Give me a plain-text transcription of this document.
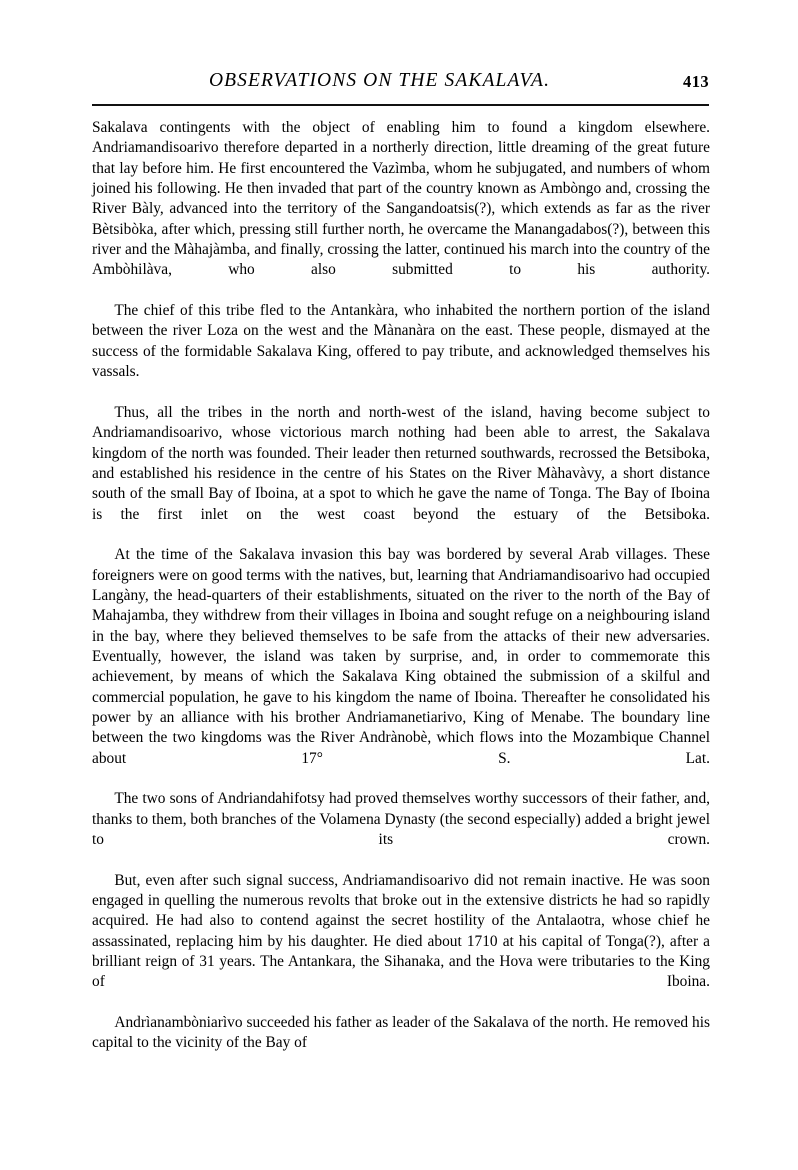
OBSERVATIONS ON THE SAKALAVA.	413

Sakalava contingents with the object of enabling him to found a kingdom elsewhere. Andriamandisoarivo therefore departed in a northerly direction, little dreaming of the great future that lay before him. He first encountered the Vazìmba, whom he subjugated, and numbers of whom joined his following. He then invaded that part of the country known as Ambòngo and, crossing the River Bàly, advanced into the territory of the Sangandoatsis(?), which extends as far as the river Bètsibòka, after which, pressing still further north, he overcame the Manangadabos(?), between this river and the Màhajàmba, and finally, crossing the latter, continued his march into the country of the Ambòhilàva, who also submitted to his authority.

The chief of this tribe fled to the Antankàra, who inhabited the northern portion of the island between the river Loza on the west and the Mànanàra on the east. These people, dismayed at the success of the formidable Sakalava King, offered to pay tribute, and acknowledged themselves his vassals.

Thus, all the tribes in the north and north-west of the island, having become subject to Andriamandisoarivo, whose victorious march nothing had been able to arrest, the Sakalava kingdom of the north was founded. Their leader then returned southwards, recrossed the Betsiboka, and established his residence in the centre of his States on the River Màhavàvy, a short distance south of the small Bay of Iboina, at a spot to which he gave the name of Tonga. The Bay of Iboina is the first inlet on the west coast beyond the estuary of the Betsiboka.

At the time of the Sakalava invasion this bay was bordered by several Arab villages. These foreigners were on good terms with the natives, but, learning that Andriamandisoarivo had occupied Langàny, the head-quarters of their establishments, situated on the river to the north of the Bay of Mahajamba, they withdrew from their villages in Iboina and sought refuge on a neighbouring island in the bay, where they believed themselves to be safe from the attacks of their new adversaries. Eventually, however, the island was taken by surprise, and, in order to commemorate this achievement, by means of which the Sakalava King obtained the submission of a skilful and commercial population, he gave to his kingdom the name of Iboina. Thereafter he consolidated his power by an alliance with his brother Andriamanetiarivo, King of Menabe. The boundary line between the two kingdoms was the River Andrànobè, which flows into the Mozambique Channel about 17° S. Lat.

The two sons of Andriandahifotsy had proved themselves worthy successors of their father, and, thanks to them, both branches of the Volamena Dynasty (the second especially) added a bright jewel to its crown.

But, even after such signal success, Andriamandisoarivo did not remain inactive. He was soon engaged in quelling the numerous revolts that broke out in the extensive districts he had so rapidly acquired. He had also to contend against the secret hostility of the Antalaotra, whose chief he assassinated, replacing him by his daughter. He died about 1710 at his capital of Tonga(?), after a brilliant reign of 31 years. The Antankara, the Sihanaka, and the Hova were tributaries to the King of Iboina.

Andrìanambòniarìvo succeeded his father as leader of the Sakalava of the north. He removed his capital to the vicinity of the Bay of
